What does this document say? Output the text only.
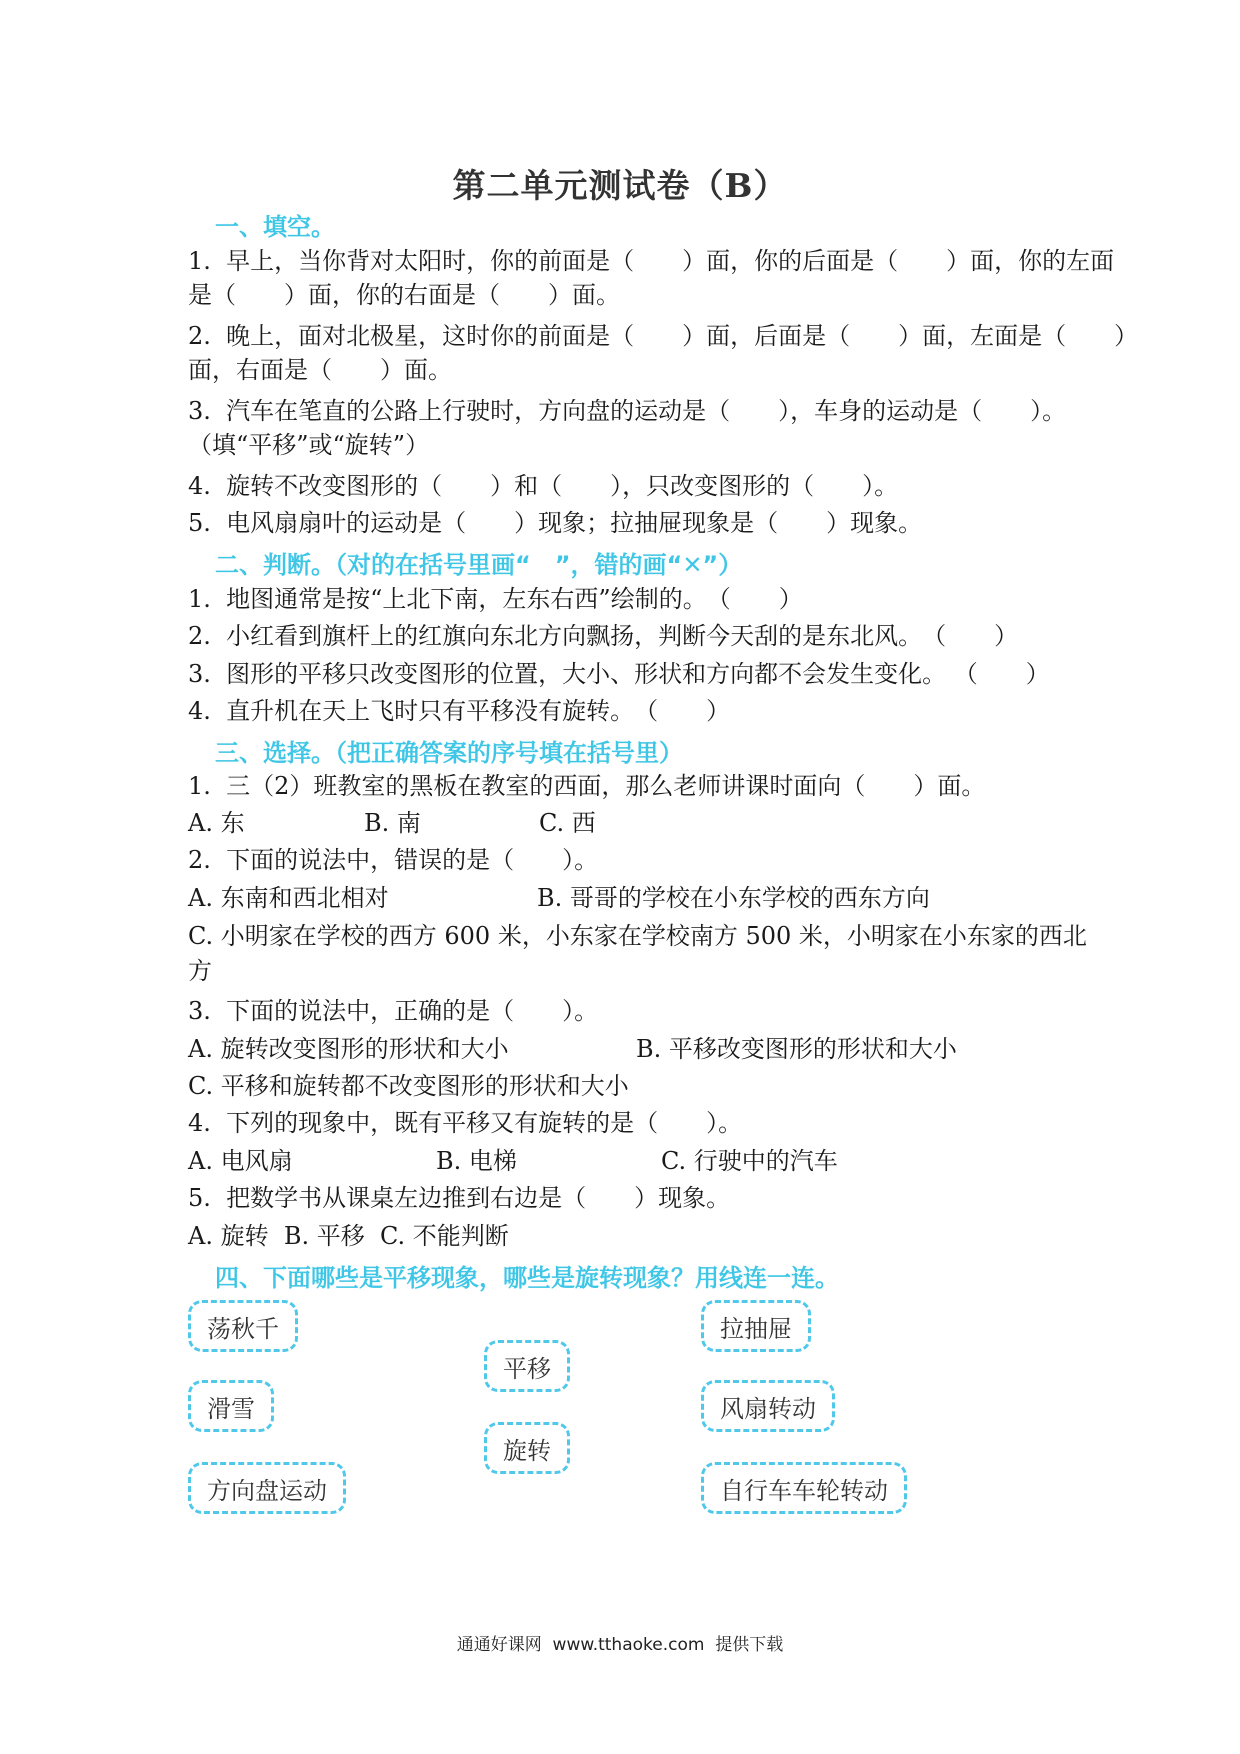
第二单元测试卷（B）
一、填空。
1.  早上，当你背对太阳时，你的前面是（　　）面，你的后面是（　　）面，你的左面
是（　　）面，你的右面是（　　）面。
2.  晚上，面对北极星，这时你的前面是（　　）面，后面是（　　）面，左面是（　　）
面，右面是（　　）面。
3.  汽车在笔直的公路上行驶时，方向盘的运动是（　　），车身的运动是（　　）。
（填“平移”或“旋转”）
4.  旋转不改变图形的（　　）和（　　），只改变图形的（　　）。
5.  电风扇扇叶的运动是（　　）现象；拉抽屉现象是（　　）现象。
二、判断。（对的在括号里画“　”，错的画“✕”）
1.  地图通常是按“上北下南，左东右西”绘制的。　（　　）
2.  小红看到旗杆上的红旗向东北方向飘扬，判断今天刮的是东北风。　（　　）
3.  图形的平移只改变图形的位置，大小、形状和方向都不会发生变化。 （　　）
4.  直升机在天上飞时只有平移没有旋转。　（　　）
三、选择。（把正确答案的序号填在括号里）
1.  三（2）班教室的黑板在教室的西面，那么老师讲课时面向（　　）面。
A. 东	B. 南	C. 西
2.  下面的说法中，错误的是（　　）。
A. 东南和西北相对	B. 哥哥的学校在小东学校的西东方向
C. 小明家在学校的西方 600 米，小东家在学校南方 500 米，小明家在小东家的西北
方
3.  下面的说法中，正确的是（　　）。
A. 旋转改变图形的形状和大小	B. 平移改变图形的形状和大小
C. 平移和旋转都不改变图形的形状和大小
4.  下列的现象中，既有平移又有旋转的是（　　）。
A. 电风扇	B. 电梯	C. 行驶中的汽车
5.  把数学书从课桌左边推到右边是（　　）现象。
A. 旋转  B. 平移  C. 不能判断
四、下面哪些是平移现象，哪些是旋转现象？用线连一连。
荡秋千
滑雪
方向盘运动
平移
旋转
拉抽屉
风扇转动
自行车车轮转动
通通好课网  www.tthaoke.com  提供下载
